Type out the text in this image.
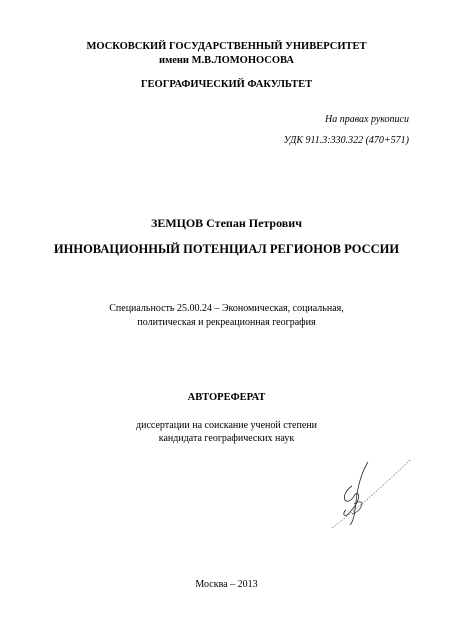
МОСКОВСКИЙ ГОСУДАРСТВЕННЫЙ УНИВЕРСИТЕТ
имени М.В.ЛОМОНОСОВА
ГЕОГРАФИЧЕСКИЙ ФАКУЛЬТЕТ
На правах рукописи
УДК 911.3:330.322 (470+571)
ЗЕМЦОВ Степан Петрович
ИННОВАЦИОННЫЙ ПОТЕНЦИАЛ РЕГИОНОВ РОССИИ
Специальность 25.00.24 – Экономическая, социальная,
политическая и рекреационная география
АВТОРЕФЕРАТ
диссертации на соискание ученой степени
кандидата географических наук
Москва – 2013
